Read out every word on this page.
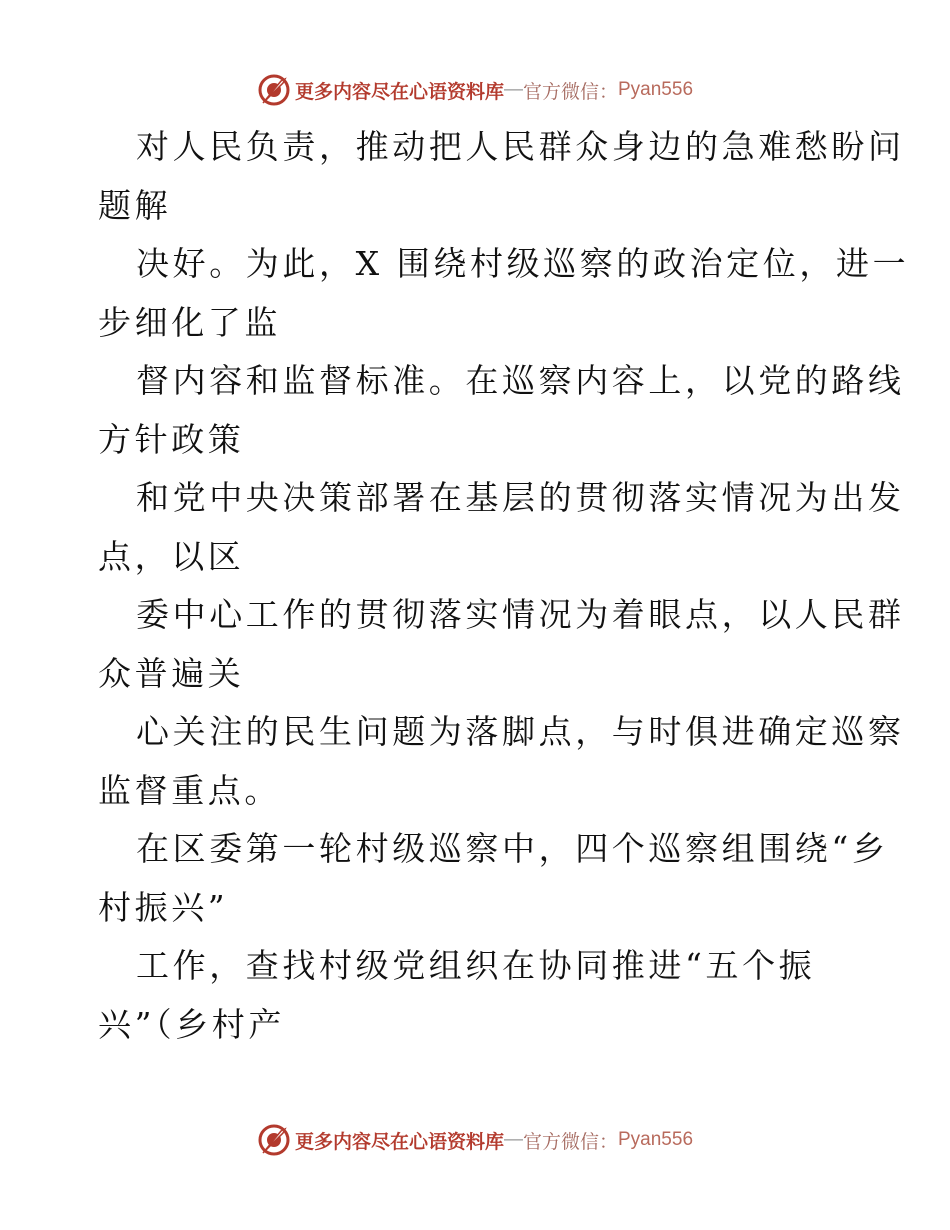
更多内容尽在心语资料库 — 官方微信： Pyan556
对人民负责，推动把人民群众身边的急难愁盼问
题解
决好。为此，X 围绕村级巡察的政治定位，进一
步细化了监
督内容和监督标准。在巡察内容上，以党的路线
方针政策
和党中央决策部署在基层的贯彻落实情况为出发
点，以区
委中心工作的贯彻落实情况为着眼点，以人民群
众普遍关
心关注的民生问题为落脚点，与时俱进确定巡察
监督重点。
在区委第一轮村级巡察中，四个巡察组围绕“乡
村振兴”
工作，查找村级党组织在协同推进“五个振
兴”（乡村产
更多内容尽在心语资料库 — 官方微信： Pyan556
